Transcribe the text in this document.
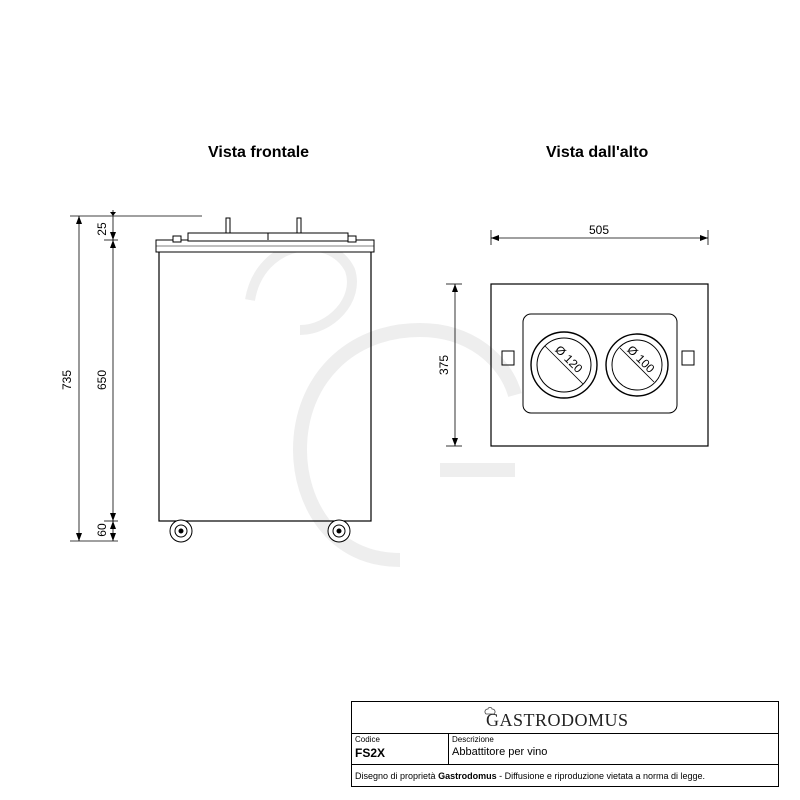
735
25
650
60
Ø 120	Ø 100
505
375
Vista frontale	Vista dall'alto
GASTRODOMUS
Codice
FS2X
Descrizione
Abbattitore per vino
Disegno di proprietà Gastrodomus - Diffusione e riproduzione vietata a norma di legge.
